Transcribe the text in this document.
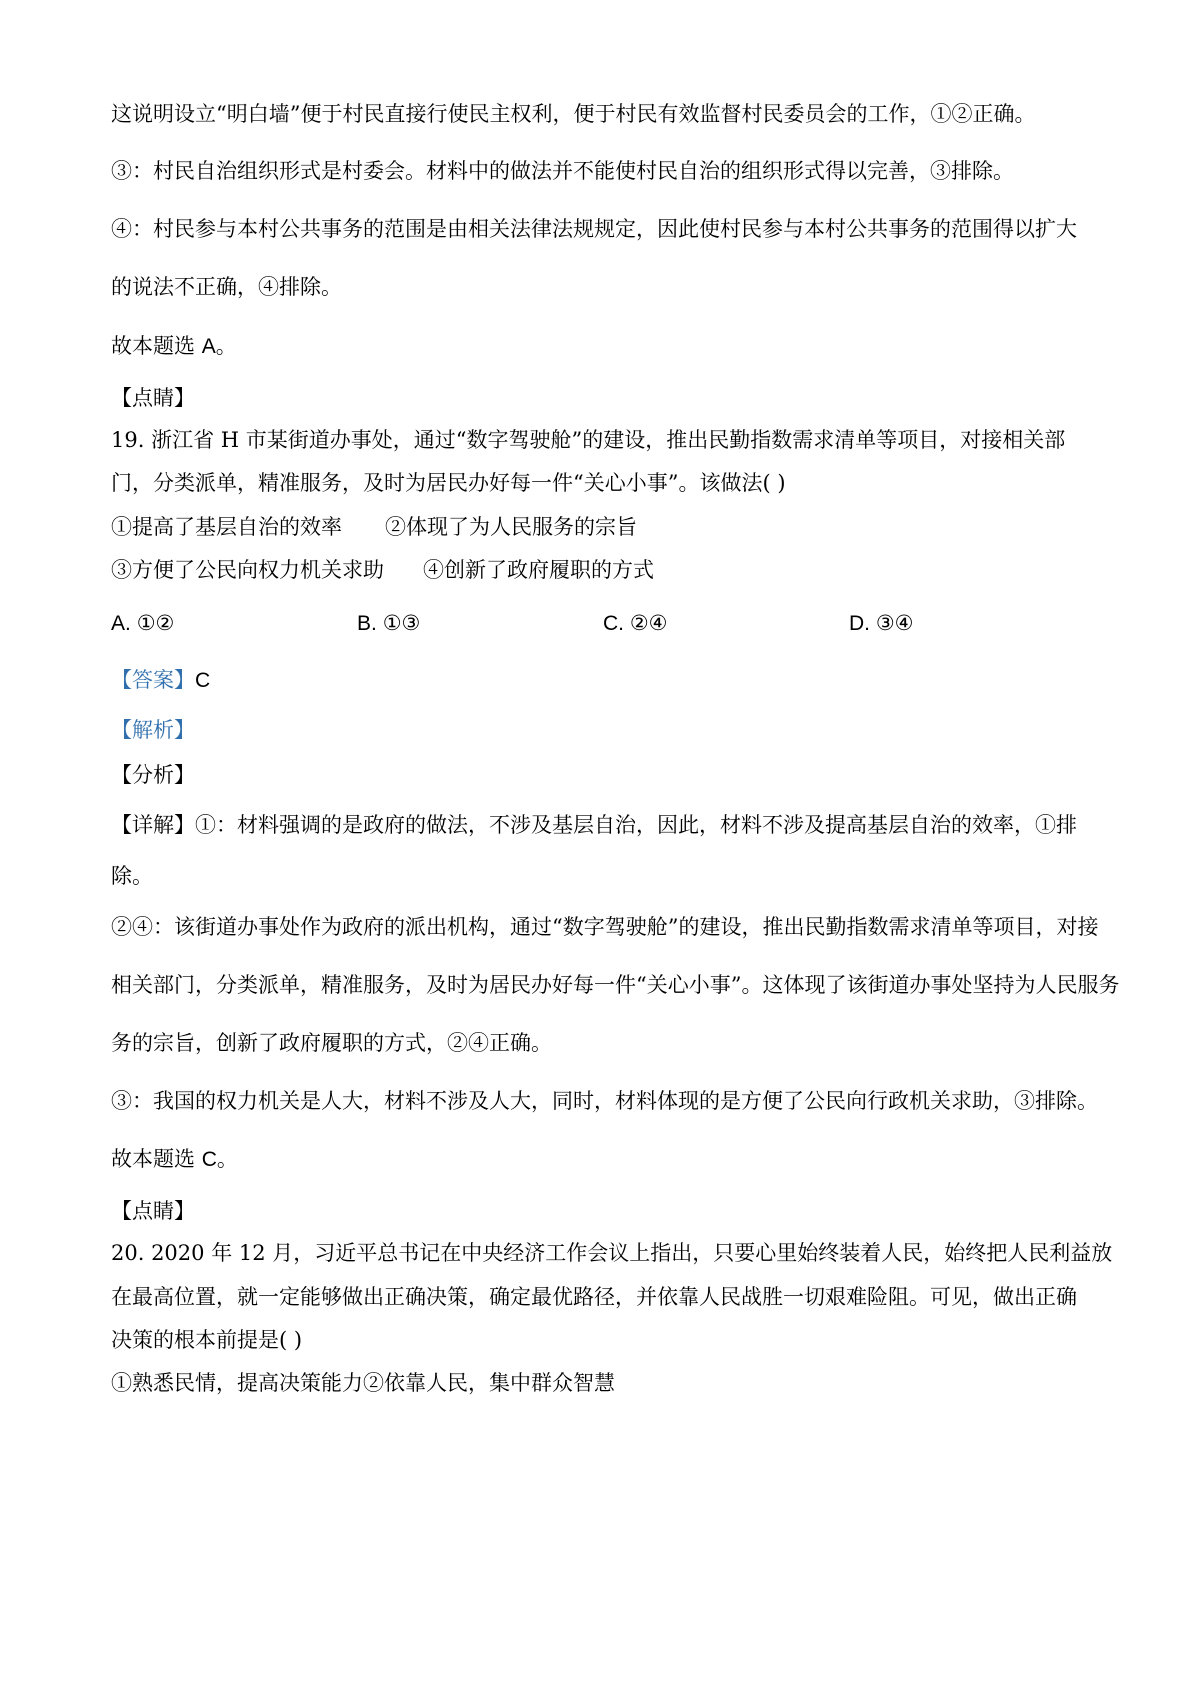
这说明设立“明白墙”便于村民直接行使民主权利，便于村民有效监督村民委员会的工作，①②正确。
③：村民自治组织形式是村委会。材料中的做法并不能使村民自治的组织形式得以完善，③排除。
④：村民参与本村公共事务的范围是由相关法律法规规定，因此使村民参与本村公共事务的范围得以扩大
的说法不正确，④排除。
故本题选 A。
【点睛】
19. 浙江省 H 市某街道办事处，通过“数字驾驶舱”的建设，推出民勤指数需求清单等项目，对接相关部
门，分类派单，精准服务，及时为居民办好每一件“关心小事”。该做法( )
①提高了基层自治的效率 ②体现了为人民服务的宗旨
③方便了公民向权力机关求助 ④创新了政府履职的方式
A. ①②	B. ①③	C. ②④	D. ③④
【答案】C
【解析】
【分析】
【详解】①：材料强调的是政府的做法，不涉及基层自治，因此，材料不涉及提高基层自治的效率，①排
除。
②④：该街道办事处作为政府的派出机构，通过“数字驾驶舱”的建设，推出民勤指数需求清单等项目，对接
相关部门，分类派单，精准服务，及时为居民办好每一件“关心小事”。这体现了该街道办事处坚持为人民服务
务的宗旨，创新了政府履职的方式，②④正确。
③：我国的权力机关是人大，材料不涉及人大，同时，材料体现的是方便了公民向行政机关求助，③排除。
故本题选 C。
【点睛】
20. 2020 年 12 月，习近平总书记在中央经济工作会议上指出，只要心里始终装着人民，始终把人民利益放
在最高位置，就一定能够做出正确决策，确定最优路径，并依靠人民战胜一切艰难险阻。可见，做出正确
决策的根本前提是( )
①熟悉民情，提高决策能力②依靠人民，集中群众智慧
